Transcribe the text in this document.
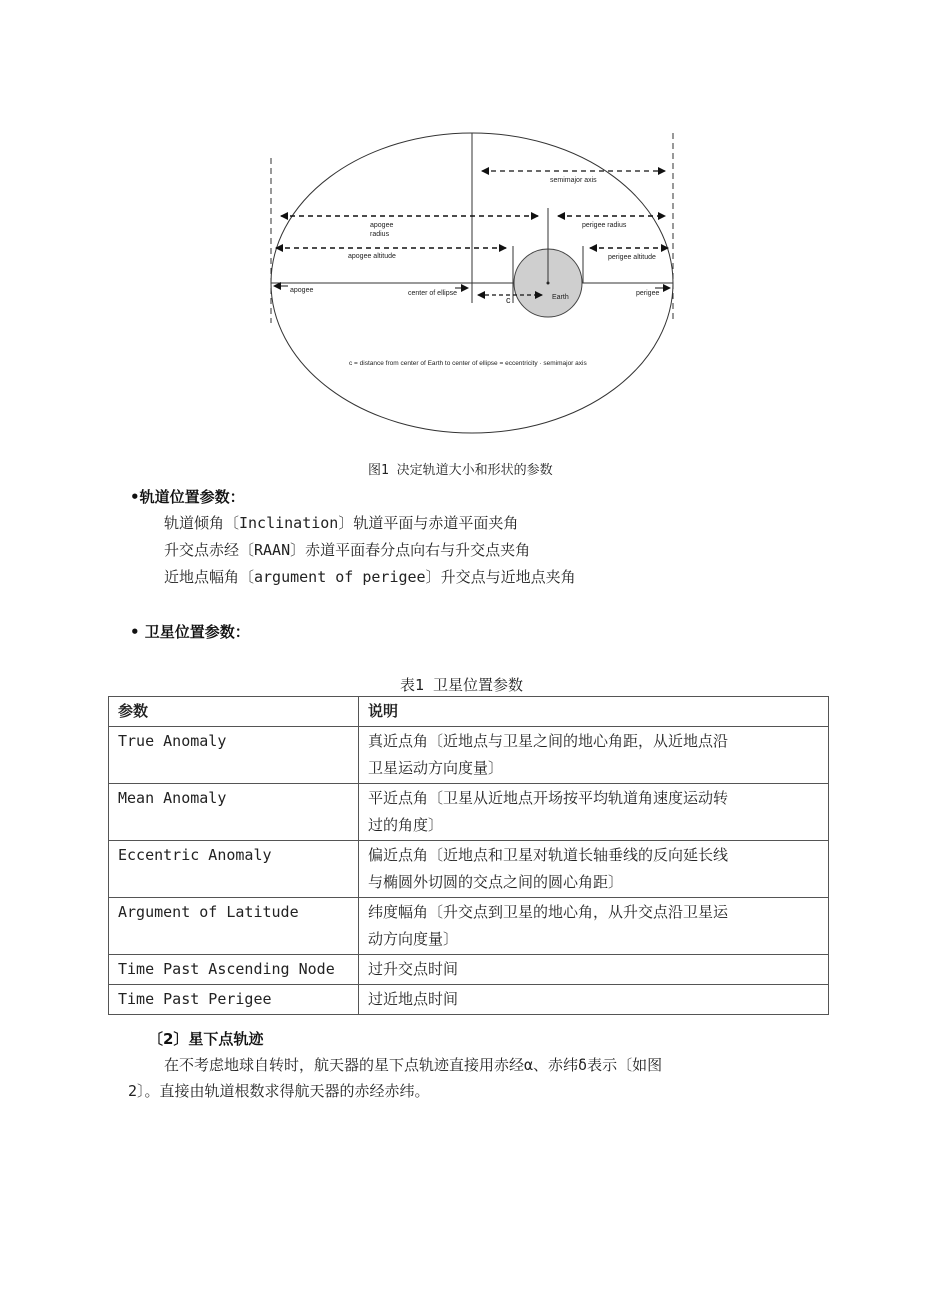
semimajor axis
apogee
radius
perigee radius
apogee altitude	perigee altitude
apogee	center of ellipse
c	Earth
perigee
c = distance from center of Earth to center of ellipse = eccentricity · semimajor axis
图1 决定轨道大小和形状的参数
•轨道位置参数：
轨道倾角〔Inclination〕轨道平面与赤道平面夹角
升交点赤经〔RAAN〕赤道平面春分点向右与升交点夹角
近地点幅角〔argument of perigee〕升交点与近地点夹角
• 卫星位置参数：
表1 卫星位置参数
参数	说明
True Anomaly	真近点角〔近地点与卫星之间的地心角距，从近地点沿
卫星运动方向度量〕

Mean Anomaly	平近点角〔卫星从近地点开场按平均轨道角速度运动转
过的角度〕

Eccentric Anomaly	偏近点角〔近地点和卫星对轨道长轴垂线的反向延长线
与椭圆外切圆的交点之间的圆心角距〕

Argument of Latitude	纬度幅角〔升交点到卫星的地心角，从升交点沿卫星运
动方向度量〕

Time Past Ascending Node	过升交点时间
Time Past Perigee	过近地点时间
〔2〕星下点轨迹
在不考虑地球自转时，航天器的星下点轨迹直接用赤经α、赤纬δ表示〔如图
2〕。直接由轨道根数求得航天器的赤经赤纬。
